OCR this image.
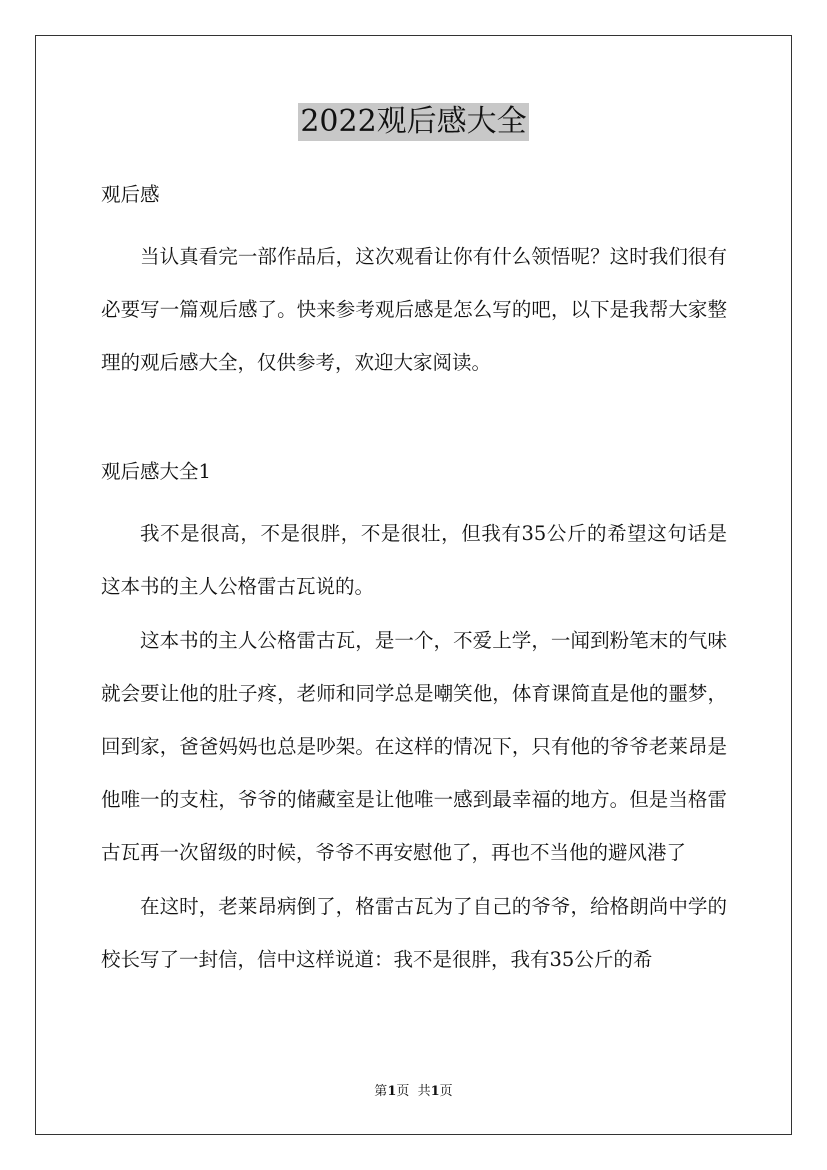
2022观后感大全
观后感

当认真看完一部作品后，这次观看让你有什么领悟呢？这时我们很有必要写一篇观后感了。快来参考观后感是怎么写的吧，以下是我帮大家整理的观后感大全，仅供参考，欢迎大家阅读。

观后感大全1

我不是很高，不是很胖，不是很壮，但我有35公斤的希望这句话是这本书的主人公格雷古瓦说的。

这本书的主人公格雷古瓦，是一个，不爱上学，一闻到粉笔末的气味就会要让他的肚子疼，老师和同学总是嘲笑他，体育课简直是他的噩梦，回到家，爸爸妈妈也总是吵架。在这样的情况下，只有他的爷爷老莱昂是他唯一的支柱，爷爷的储藏室是让他唯一感到最幸福的地方。但是当格雷古瓦再一次留级的时候，爷爷不再安慰他了，再也不当他的避风港了

在这时，老莱昂病倒了，格雷古瓦为了自己的爷爷，给格朗尚中学的校长写了一封信，信中这样说道：我不是很胖，我有35公斤的希

第1页  共1页
